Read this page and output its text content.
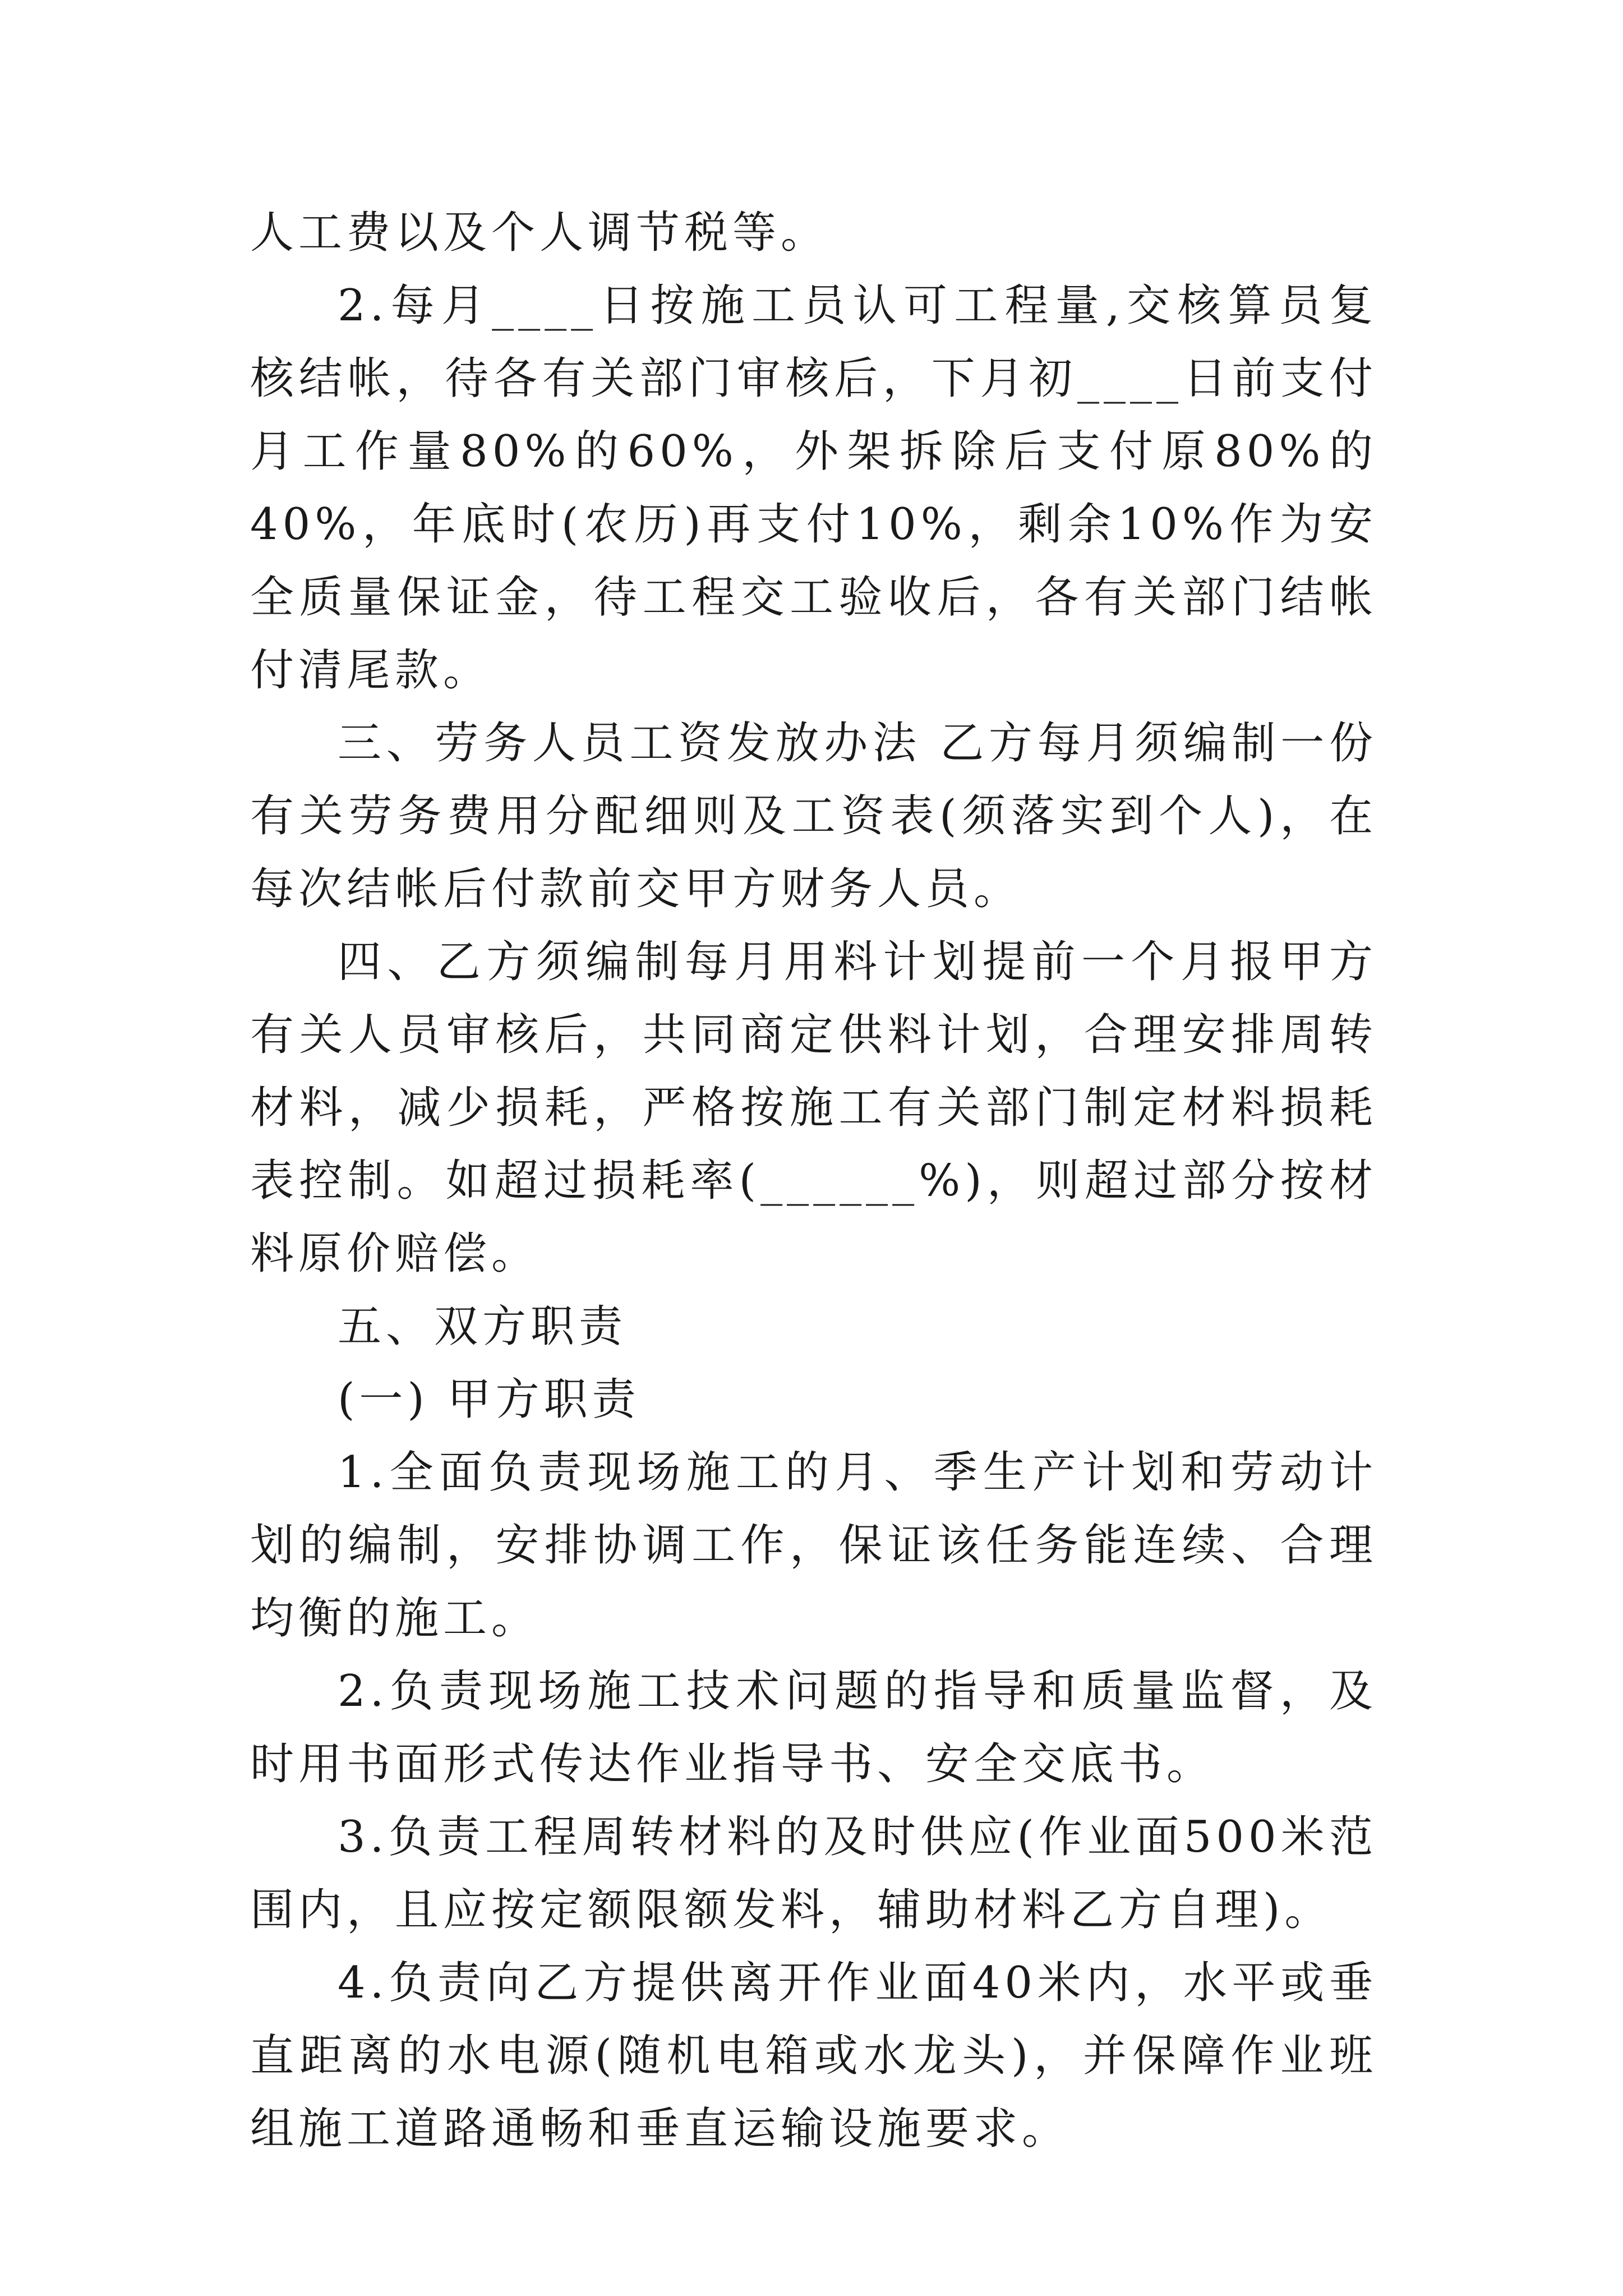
人工费以及个人调节税等。

2.每月____日按施工员认可工程量,交核算员复核结帐，待各有关部门审核后，下月初____日前支付月工作量80%的60%，外架拆除后支付原80%的40%，年底时(农历)再支付10%，剩余10%作为安全质量保证金，待工程交工验收后，各有关部门结帐付清尾款。

三、劳务人员工资发放办法 乙方每月须编制一份有关劳务费用分配细则及工资表(须落实到个人)，在每次结帐后付款前交甲方财务人员。

四、乙方须编制每月用料计划提前一个月报甲方有关人员审核后，共同商定供料计划，合理安排周转材料，减少损耗，严格按施工有关部门制定材料损耗表控制。如超过损耗率(______%)，则超过部分按材料原价赔偿。

五、双方职责

(一) 甲方职责

1.全面负责现场施工的月、季生产计划和劳动计划的编制，安排协调工作，保证该任务能连续、合理均衡的施工。

2.负责现场施工技术问题的指导和质量监督，及时用书面形式传达作业指导书、安全交底书。

3.负责工程周转材料的及时供应(作业面500米范围内，且应按定额限额发料，辅助材料乙方自理)。

4.负责向乙方提供离开作业面40米内，水平或垂直距离的水电源(随机电箱或水龙头)，并保障作业班组施工道路通畅和垂直运输设施要求。
